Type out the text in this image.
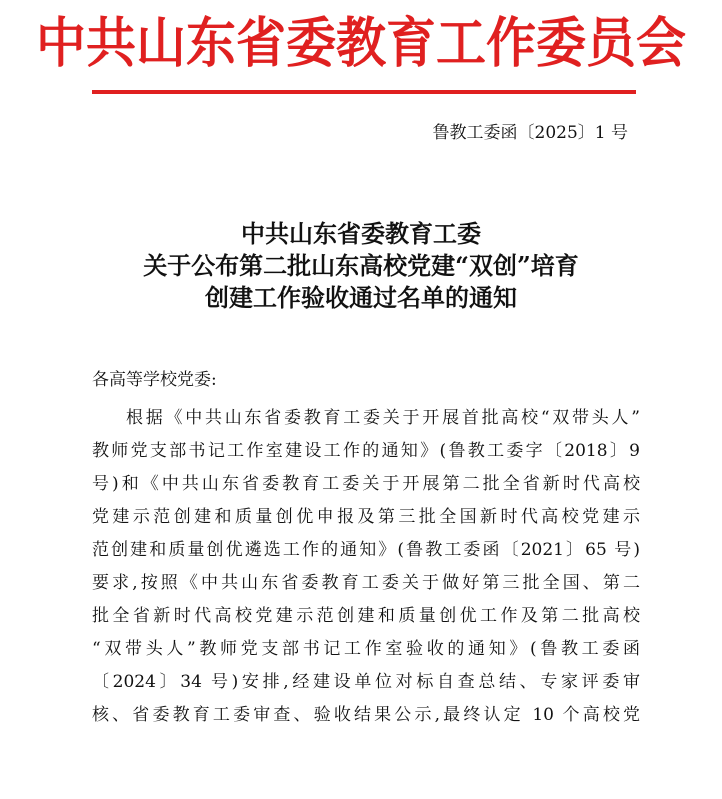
中共山东省委教育工作委员会
鲁教工委函〔2025〕1 号
中共山东省委教育工委
关于公布第二批山东高校党建“双创”培育
创建工作验收通过名单的通知
各高等学校党委:
根据《中共山东省委教育工委关于开展首批高校“双带头人”
教师党支部书记工作室建设工作的通知》(鲁教工委字〔2018〕9
号)和《中共山东省委教育工委关于开展第二批全省新时代高校
党建示范创建和质量创优申报及第三批全国新时代高校党建示
范创建和质量创优遴选工作的通知》(鲁教工委函〔2021〕65 号)
要求,按照《中共山东省委教育工委关于做好第三批全国、第二
批全省新时代高校党建示范创建和质量创优工作及第二批高校
“双带头人”教师党支部书记工作室验收的通知》(鲁教工委函
〔2024〕34 号)安排,经建设单位对标自查总结、专家评委审
核、省委教育工委审查、验收结果公示,最终认定 10 个高校党
